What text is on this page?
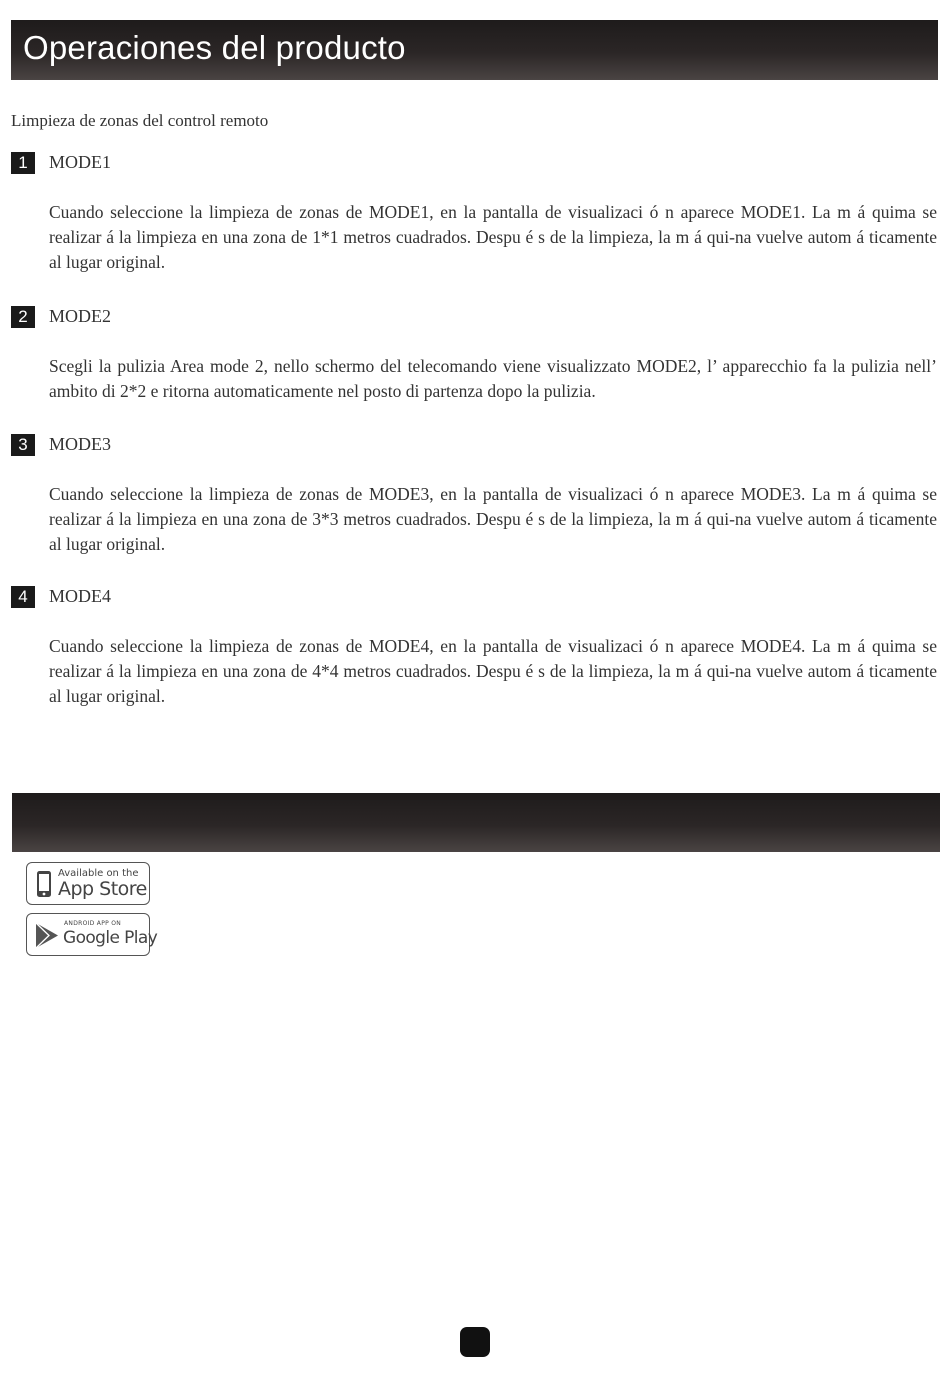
Operaciones del producto
Limpieza de zonas del control remoto
1	MODE1
Cuando seleccione la limpieza de zonas de MODE1, en la pantalla de visualizaci ó n aparece MODE1. La m á quima se realizar á la limpieza en una zona de 1*1 metros cuadrados. Despu é s de la limpieza, la m á qui-na vuelve autom á ticamente al lugar original.
2	MODE2
Scegli la pulizia Area mode 2, nello schermo del telecomando viene visualizzato MODE2, l’ apparecchio fa la pulizia nell’ ambito di 2*2 e ritorna automaticamente nel posto di partenza dopo la pulizia.
3	MODE3
Cuando seleccione la limpieza de zonas de MODE3, en la pantalla de visualizaci ó n aparece MODE3. La m á quima se realizar á la limpieza en una zona de 3*3 metros cuadrados. Despu é s de la limpieza, la m á qui-na vuelve autom á ticamente al lugar original.
4	MODE4
Cuando seleccione la limpieza de zonas de MODE4, en la pantalla de visualizaci ó n aparece MODE4. La m á quima se realizar á la limpieza en una zona de 4*4 metros cuadrados. Despu é s de la limpieza, la m á qui-na vuelve autom á ticamente al lugar original.
Available on the
App Store
ANDROID APP ON
Google Play
